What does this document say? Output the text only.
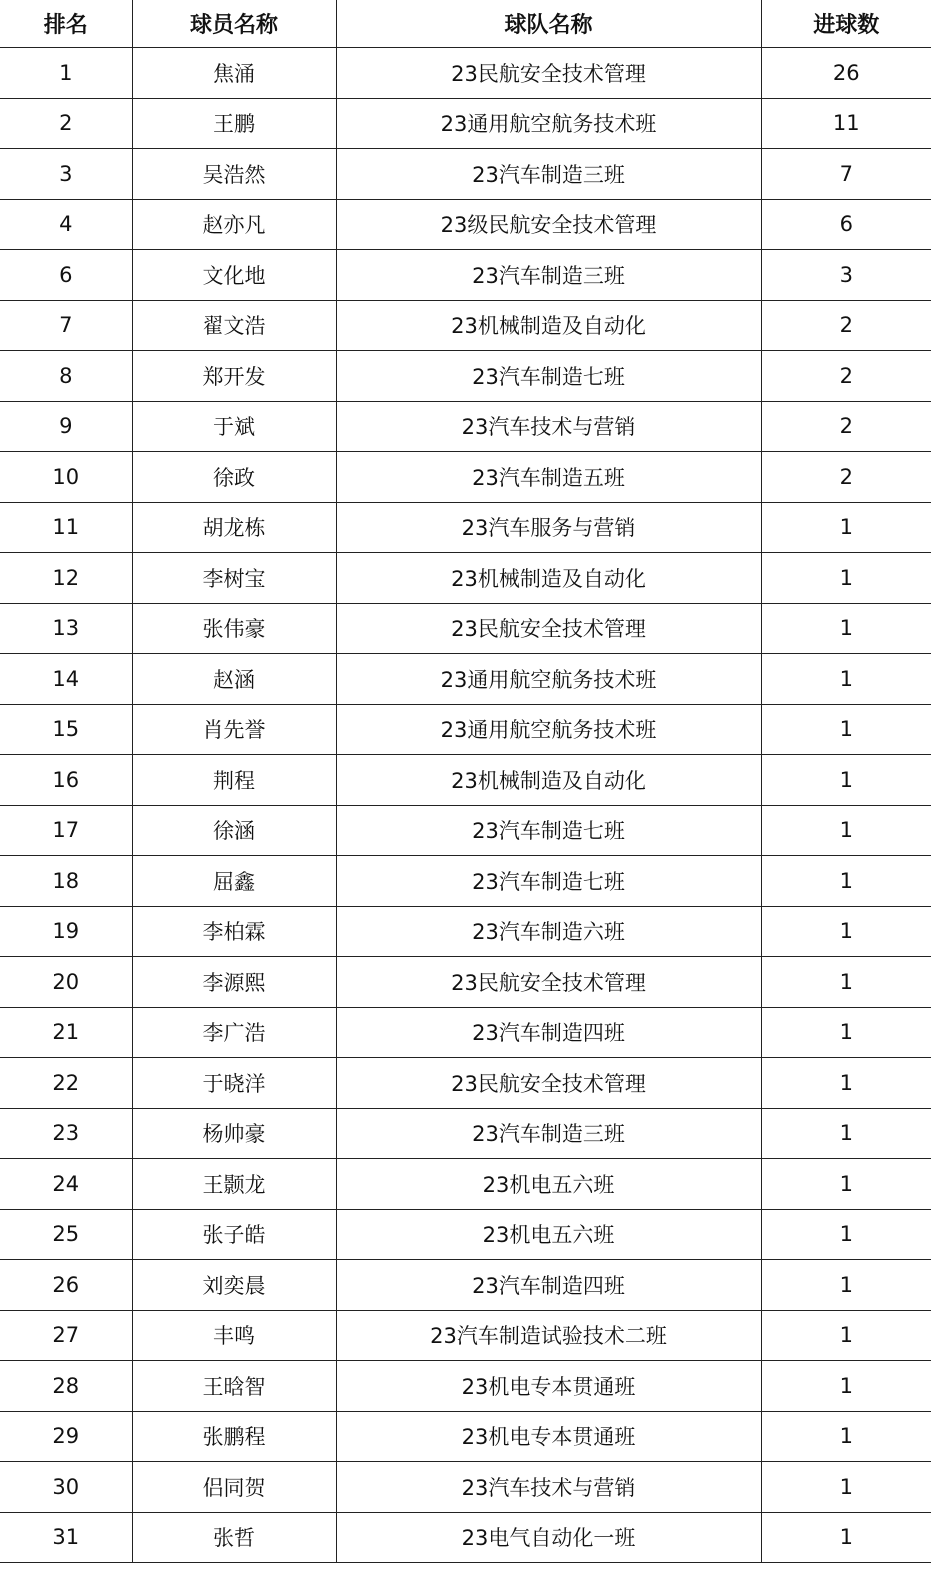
排名	球员名称	球队名称	进球数
1	焦涌	23民航安全技术管理	26
2	王鹏	23通用航空航务技术班	11
3	吴浩然	23汽车制造三班	7
4	赵亦凡	23级民航安全技术管理	6
6	文化地	23汽车制造三班	3
7	翟文浩	23机械制造及自动化	2
8	郑开发	23汽车制造七班	2
9	于斌	23汽车技术与营销	2
10	徐政	23汽车制造五班	2
11	胡龙栋	23汽车服务与营销	1
12	李树宝	23机械制造及自动化	1
13	张伟豪	23民航安全技术管理	1
14	赵涵	23通用航空航务技术班	1
15	肖先誉	23通用航空航务技术班	1
16	荆程	23机械制造及自动化	1
17	徐涵	23汽车制造七班	1
18	屈鑫	23汽车制造七班	1
19	李柏霖	23汽车制造六班	1
20	李源熙	23民航安全技术管理	1
21	李广浩	23汽车制造四班	1
22	于晓洋	23民航安全技术管理	1
23	杨帅豪	23汽车制造三班	1
24	王颢龙	23机电五六班	1
25	张子皓	23机电五六班	1
26	刘奕晨	23汽车制造四班	1
27	丰鸣	23汽车制造试验技术二班	1
28	王晗智	23机电专本贯通班	1
29	张鹏程	23机电专本贯通班	1
30	侣同贺	23汽车技术与营销	1
31	张哲	23电气自动化一班	1
